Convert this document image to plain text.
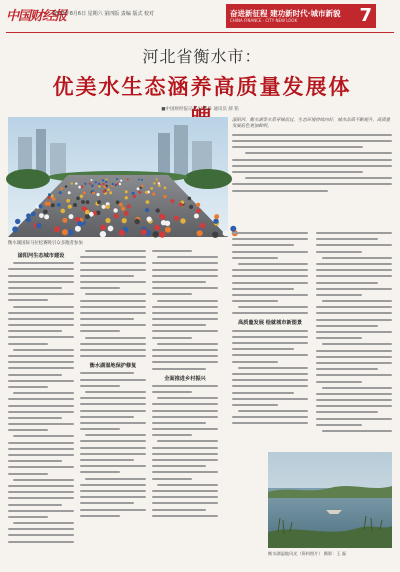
中国财经报
2022年8月6日 星期六 第四版 责编 版式 校对	奋进新征程 建功新时代·城市新貌
CHINA FINANCE · CITY NEW LOOK	7
河北省衡水市：
优美水生态涵养高质量发展体
■中国财经报记者 叶伟华 通讯员 郝 铭
衡水湖国际马拉松赛吸引众多跑者参加
滏阳河、衡水湖等水系穿城而过，生态环境持续向好，城市品质不断提升，高质量发展底色更加鲜明。
滏阳河生态城市建设
衡水湖湿地保护修复
全面推进乡村振兴
高质量发展 绘就城市新图景
衡水湖湿地风光（资料图片） 摄影：王 磊
